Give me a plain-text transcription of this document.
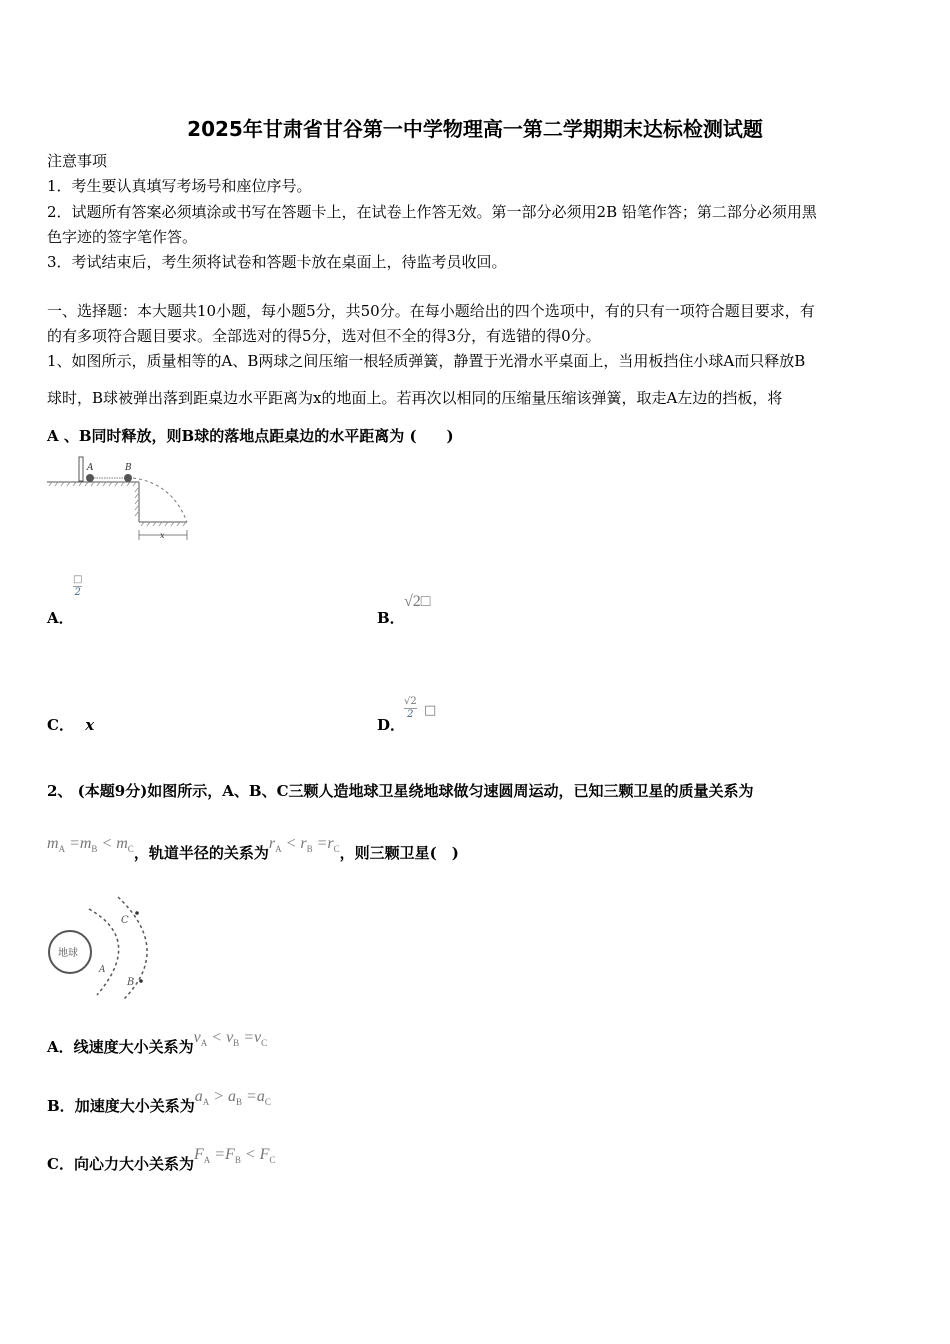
2025年甘肃省甘谷第一中学物理高一第二学期期末达标检测试题
注意事项
1．考生要认真填写考场号和座位序号。
2．试题所有答案必须填涂或书写在答题卡上，在试卷上作答无效。第一部分必须用2B 铅笔作答；第二部分必须用黑
色字迹的签字笔作答。
3．考试结束后，考生须将试卷和答题卡放在桌面上，待监考员收回。
一、选择题：本大题共10小题，每小题5分，共50分。在每小题给出的四个选项中，有的只有一项符合题目要求，有
的有多项符合题目要求。全部选对的得5分，选对但不全的得3分，有选错的得0分。
1、如图所示，质量相等的A、B两球之间压缩一根轻质弹簧，静置于光滑水平桌面上，当用板挡住小球A而只释放B
球时，B球被弹出落到距桌边水平距离为x的地面上。若再次以相同的压缩量压缩该弹簧，取走A左边的挡板，将
A 、B同时释放，则B球的落地点距桌边的水平距离为 (　　)
A	B
x
A．
□
2
B．
√2□
C． x	D．
$\frac{√2}{2}$ □
2、 (本题9分)如图所示，A、B、C三颗人造地球卫星绕地球做匀速圆周运动，已知三颗卫星的质量关系为
$m_A =m_B < m_C$，轨道半径的关系为$r_A < r_B =r_C$，则三颗卫星(　)
地球
C
A
B
A．线速度大小关系为$v_A < v_B =v_C$
B．加速度大小关系为$a_A > a_B =a_C$
C．向心力大小关系为$F_A =F_B < F_C$
